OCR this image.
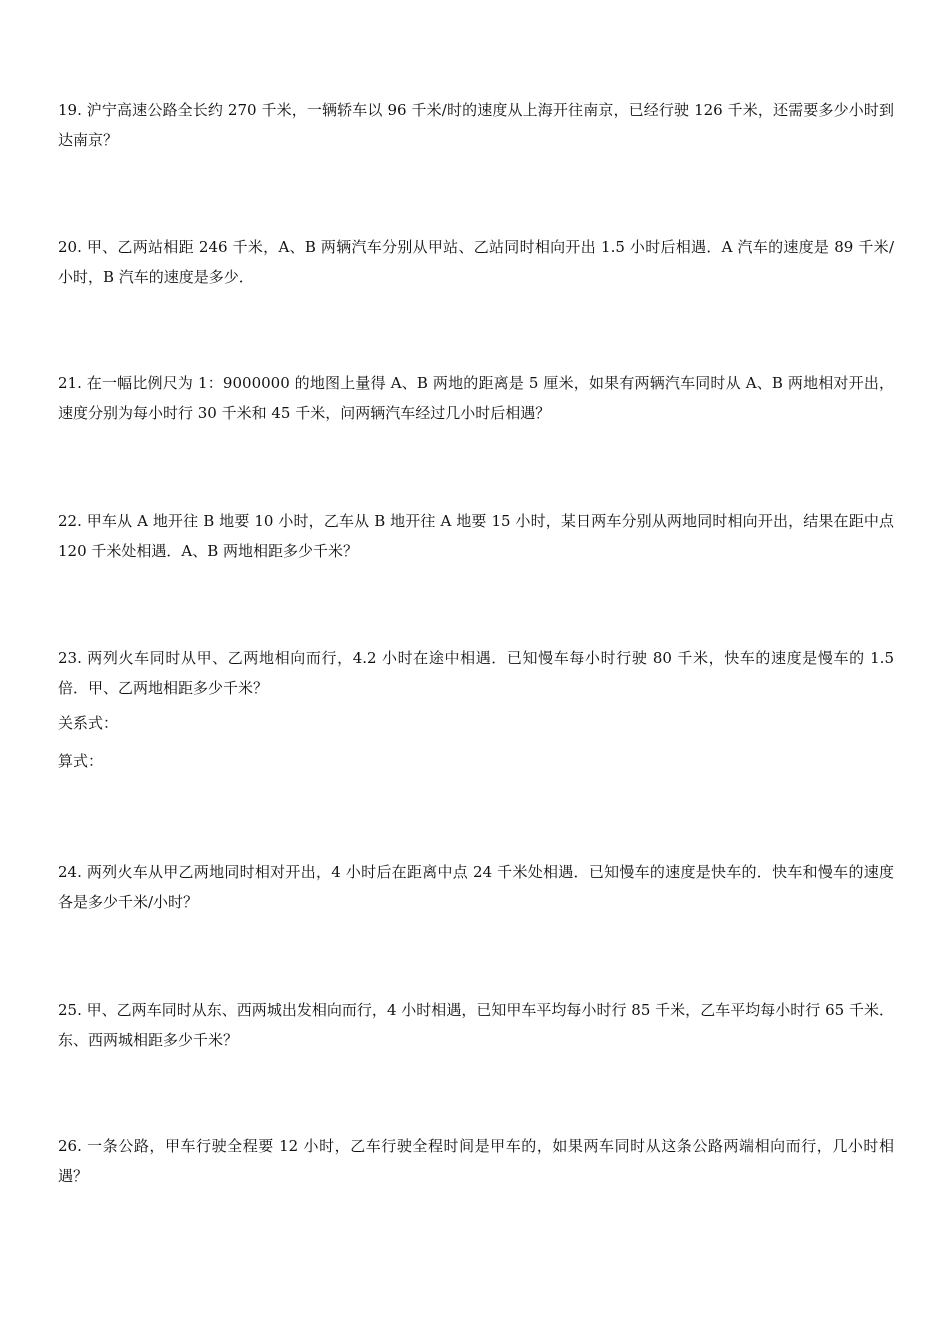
19. 沪宁高速公路全长约 270 千米，一辆轿车以 96 千米/时的速度从上海开往南京，已经行驶 126 千米，还需要多少小时到达南京？

20. 甲、乙两站相距 246 千米，A、B 两辆汽车分别从甲站、乙站同时相向开出 1.5 小时后相遇．A 汽车的速度是 89 千米/小时，B 汽车的速度是多少．

21. 在一幅比例尺为 1：9000000 的地图上量得 A、B 两地的距离是 5 厘米，如果有两辆汽车同时从 A、B 两地相对开出，速度分别为每小时行 30 千米和 45 千米，问两辆汽车经过几小时后相遇？

22. 甲车从 A 地开往 B 地要 10 小时，乙车从 B 地开往 A 地要 15 小时，某日两车分别从两地同时相向开出，结果在距中点 120 千米处相遇．A、B 两地相距多少千米？

23. 两列火车同时从甲、乙两地相向而行，4.2 小时在途中相遇．已知慢车每小时行驶 80 千米，快车的速度是慢车的 1.5 倍．甲、乙两地相距多少千米？

关系式：

算式：

24. 两列火车从甲乙两地同时相对开出，4 小时后在距离中点 24 千米处相遇．已知慢车的速度是快车的．快车和慢车的速度各是多少千米/小时？

25. 甲、乙两车同时从东、西两城出发相向而行，4 小时相遇，已知甲车平均每小时行 85 千米，乙车平均每小时行 65 千米．东、西两城相距多少千米？

26. 一条公路，甲车行驶全程要 12 小时，乙车行驶全程时间是甲车的，如果两车同时从这条公路两端相向而行，几小时相遇？
